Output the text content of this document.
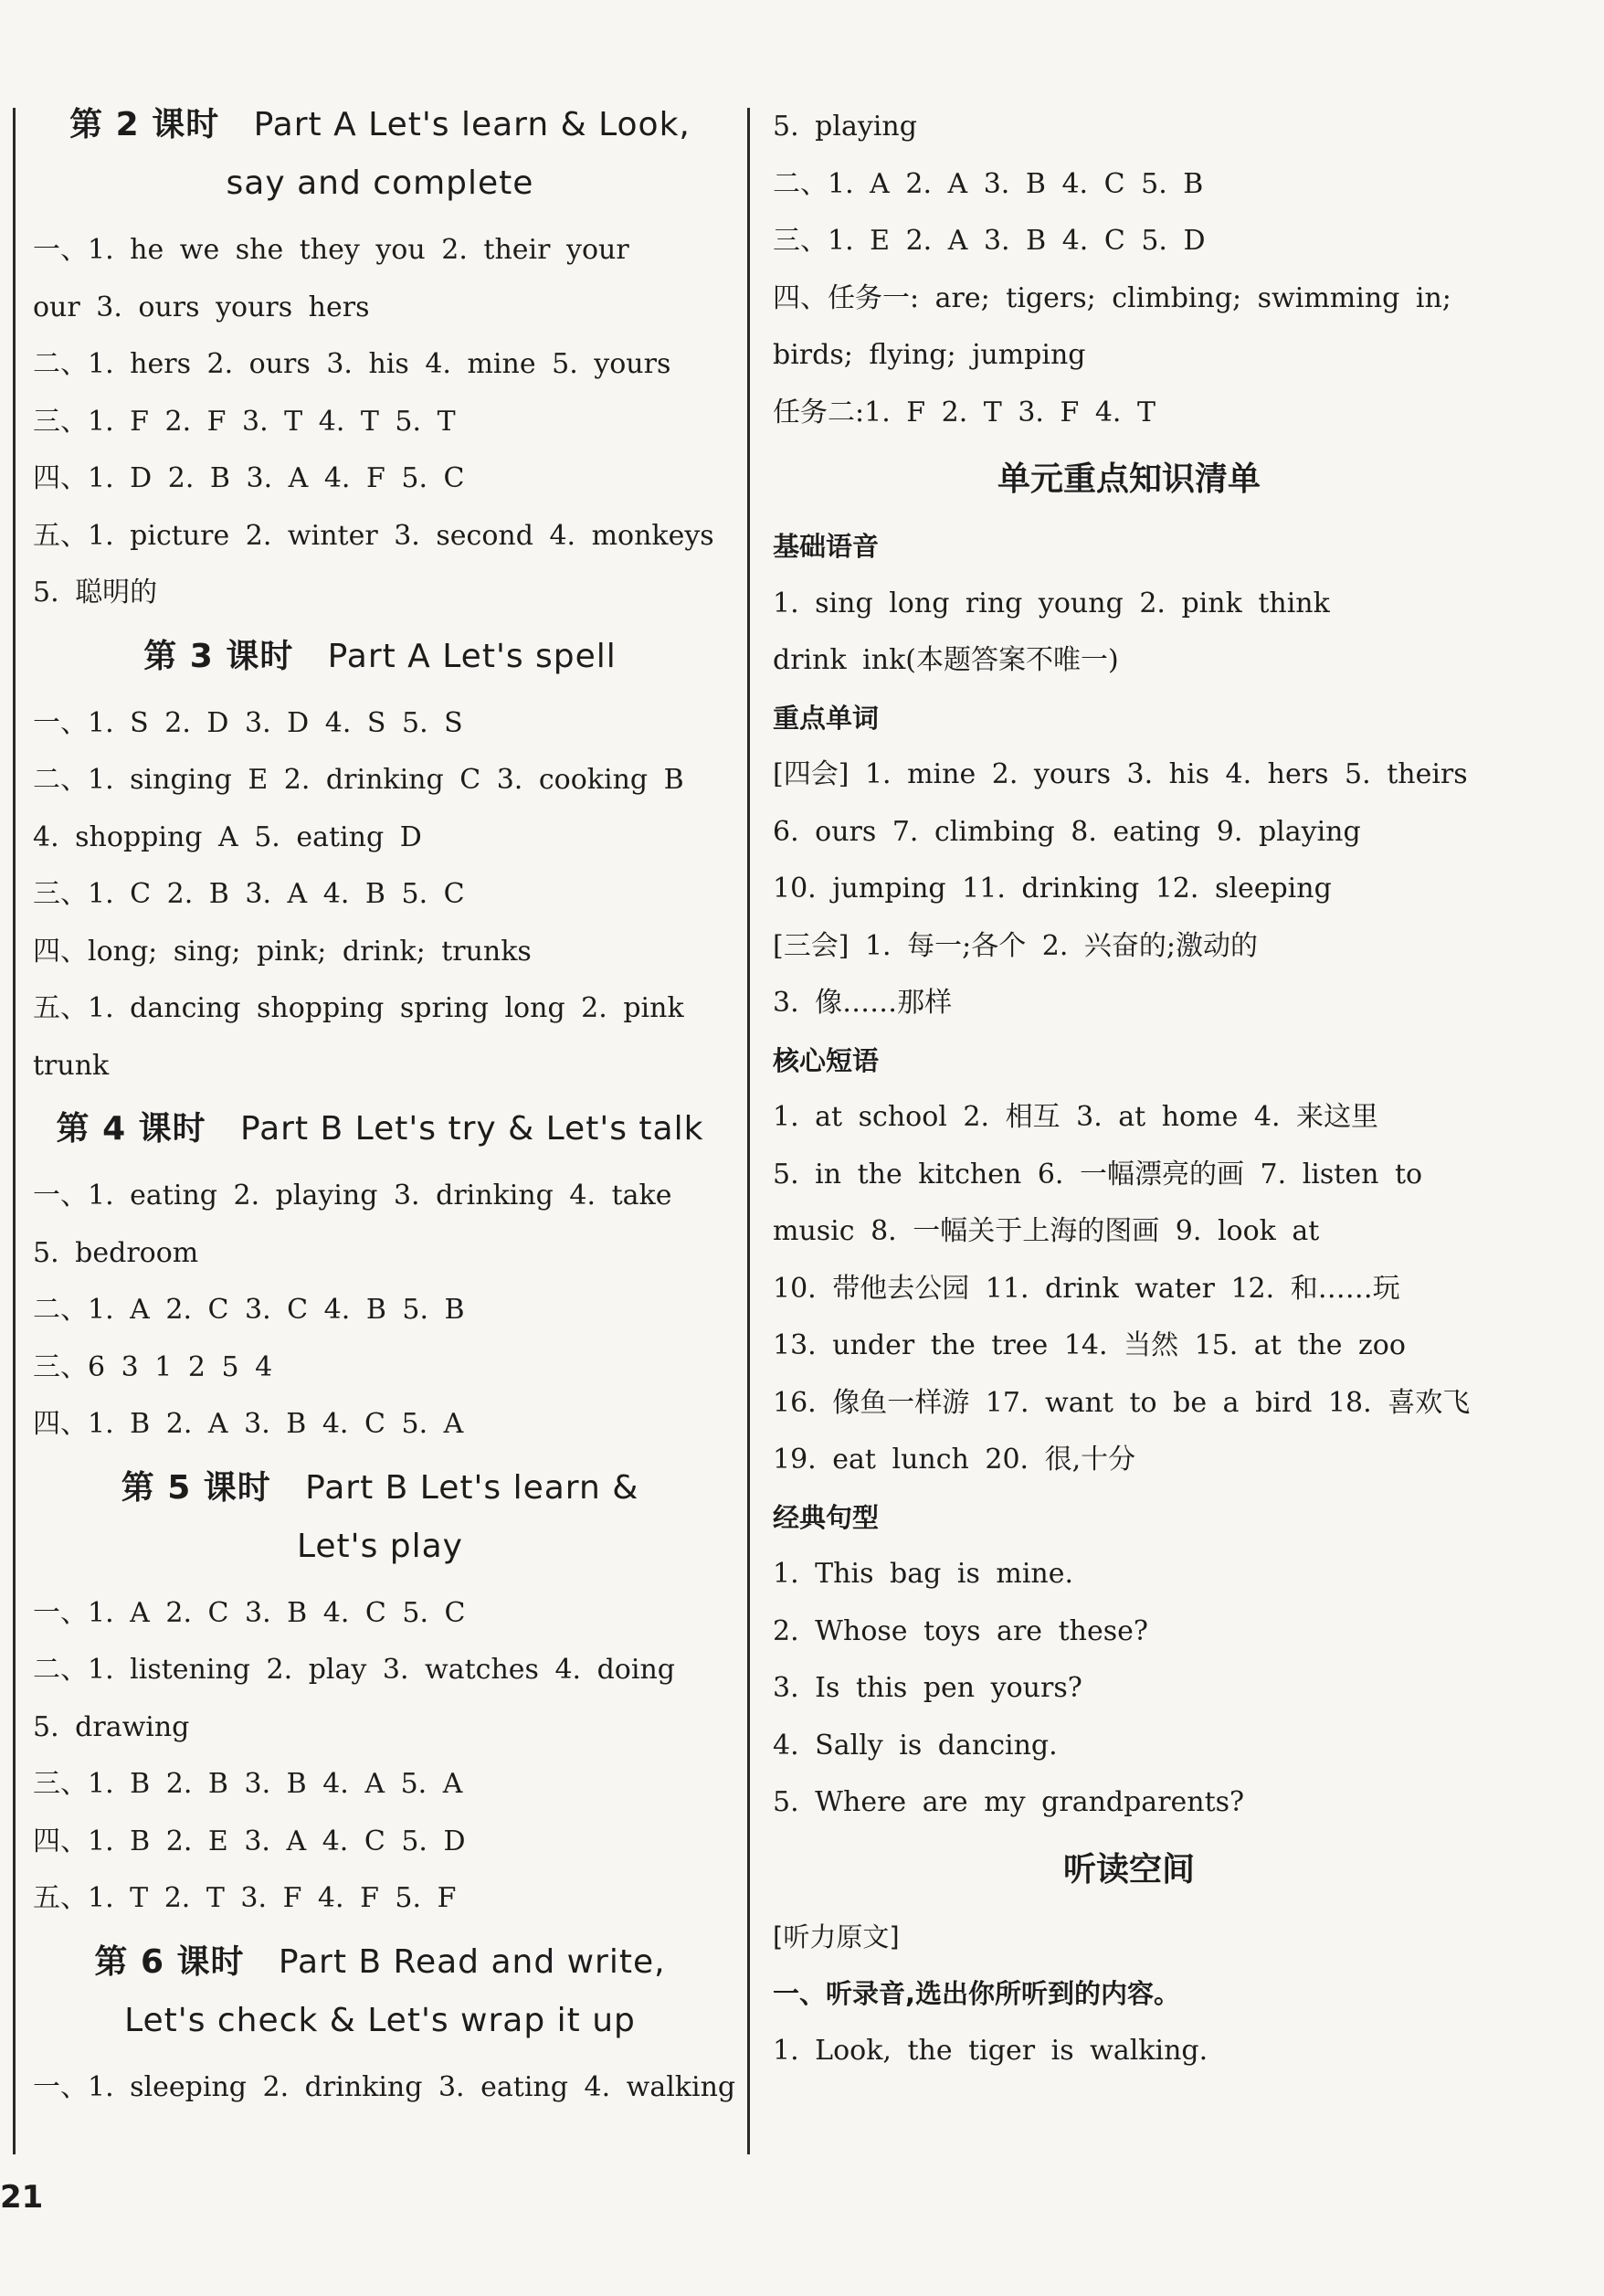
第 2 课时 Part A Let's learn & Look,
say and complete

一、1. he we she they you 2. their your

our 3. ours yours hers

二、1. hers 2. ours 3. his 4. mine 5. yours

三、1. F 2. F 3. T 4. T 5. T

四、1. D 2. B 3. A 4. F 5. C

五、1. picture 2. winter 3. second 4. monkeys

5. 聪明的

第 3 课时 Part A Let's spell

一、1. S 2. D 3. D 4. S 5. S

二、1. singing E 2. drinking C 3. cooking B

4. shopping A 5. eating D

三、1. C 2. B 3. A 4. B 5. C

四、long; sing; pink; drink; trunks

五、1. dancing shopping spring long 2. pink

trunk

第 4 课时 Part B Let's try & Let's talk

一、1. eating 2. playing 3. drinking 4. take

5. bedroom

二、1. A 2. C 3. C 4. B 5. B

三、6 3 1 2 5 4

四、1. B 2. A 3. B 4. C 5. A

第 5 课时 Part B Let's learn &
Let's play

一、1. A 2. C 3. B 4. C 5. C

二、1. listening 2. play 3. watches 4. doing

5. drawing

三、1. B 2. B 3. B 4. A 5. A

四、1. B 2. E 3. A 4. C 5. D

五、1. T 2. T 3. F 4. F 5. F

第 6 课时 Part B Read and write,
Let's check & Let's wrap it up

一、1. sleeping 2. drinking 3. eating 4. walking

5. playing

二、1. A 2. A 3. B 4. C 5. B

三、1. E 2. A 3. B 4. C 5. D

四、任务一: are; tigers; climbing; swimming in;

birds; flying; jumping

任务二:1. F 2. T 3. F 4. T

单元重点知识清单

基础语音

1. sing long ring young 2. pink think

drink ink(本题答案不唯一)

重点单词

[四会] 1. mine 2. yours 3. his 4. hers 5. theirs

6. ours 7. climbing 8. eating 9. playing

10. jumping 11. drinking 12. sleeping

[三会] 1. 每一;各个 2. 兴奋的;激动的

3. 像……那样

核心短语

1. at school 2. 相互 3. at home 4. 来这里

5. in the kitchen 6. 一幅漂亮的画 7. listen to

music 8. 一幅关于上海的图画 9. look at

10. 带他去公园 11. drink water 12. 和……玩

13. under the tree 14. 当然 15. at the zoo

16. 像鱼一样游 17. want to be a bird 18. 喜欢飞

19. eat lunch 20. 很,十分

经典句型

1. This bag is mine.

2. Whose toys are these?

3. Is this pen yours?

4. Sally is dancing.

5. Where are my grandparents?

听读空间

[听力原文]

一、听录音,选出你所听到的内容。

1. Look, the tiger is walking.

21
